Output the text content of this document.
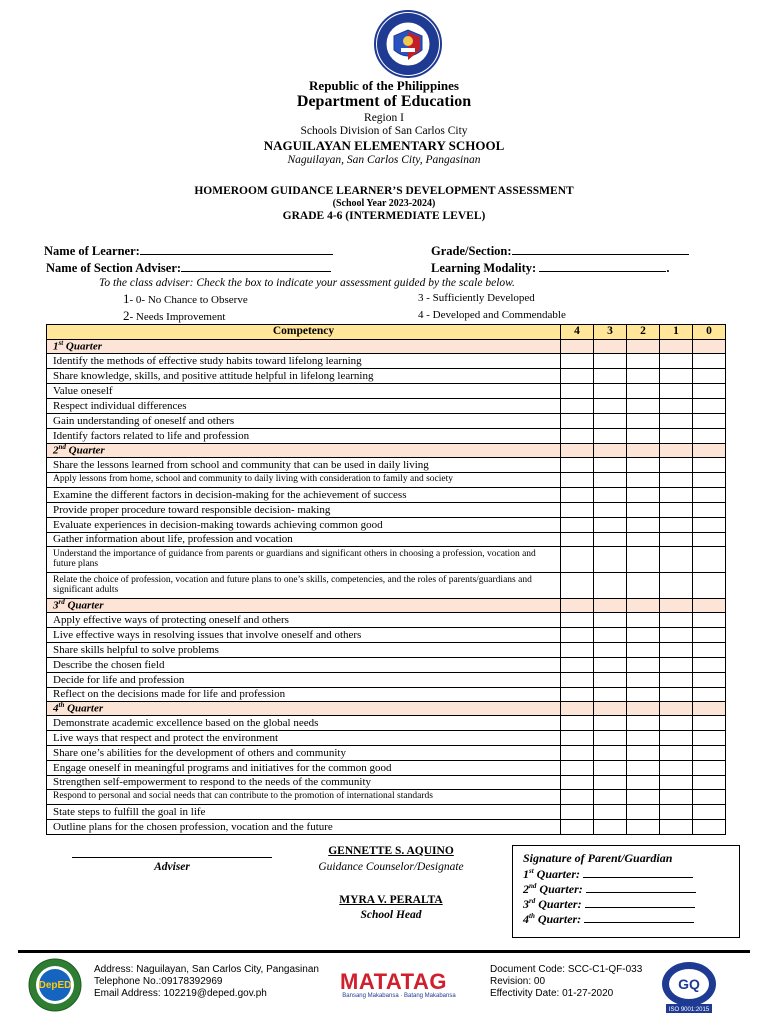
Republic of the Philippines
Department of Education
Region I
Schools Division of San Carlos City
NAGUILAYAN ELEMENTARY SCHOOL
Naguilayan, San Carlos City, Pangasinan
HOMEROOM GUIDANCE LEARNER’S DEVELOPMENT ASSESSMENT
(School Year 2023-2024)
GRADE 4-6 (INTERMEDIATE LEVEL)
Name of Learner:	Grade/Section:
Name of Section Adviser:	Learning Modality:	.
To the class adviser: Check the box to indicate your assessment guided by the scale below.
1- 0- No Chance to Observe
2- Needs Improvement
3 - Sufficiently Developed
4 - Developed and Commendable
Competency	4	3	2	1	0
1st Quarter					
Identify the methods of effective study habits toward lifelong learning					
Share knowledge, skills, and positive attitude helpful in lifelong learning					
Value oneself					
Respect individual differences					
Gain understanding of oneself and others					
Identify factors related to life and profession					
2nd Quarter					
Share the lessons learned from school and community that can be used in daily living					
Apply lessons from home, school and community to daily living with consideration to family and society					
Examine the different factors in decision-making for the achievement of success					
Provide proper procedure toward responsible decision- making					
Evaluate experiences in decision-making towards achieving common good					
Gather information about life, profession and vocation					
Understand the importance of guidance from parents or guardians and significant others in choosing a profession, vocation and future plans					
Relate the choice of profession, vocation and future plans to one’s skills, competencies, and the roles of parents/guardians and significant adults					
3rd Quarter					
Apply effective ways of protecting oneself and others					
Live effective ways in resolving issues that involve oneself and others					
Share skills helpful to solve problems					
Describe the chosen field					
Decide for life and profession					
Reflect on the decisions made for life and profession					
4th Quarter					
Demonstrate academic excellence based on the global needs					
Live ways that respect and protect the environment					
Share one’s abilities for the development of others and community					
Engage oneself in meaningful programs and initiatives for the common good					
Strengthen self-empowerment to respond to the needs of the community					
Respond to personal and social needs that can contribute to the promotion of international standards					
State steps to fulfill the goal in life					
Outline plans for the chosen profession, vocation and the future					
Adviser
GENNETTE S. AQUINO
Guidance Counselor/Designate
MYRA V. PERALTA
School Head
Signature of Parent/Guardian
1st Quarter:
2nd Quarter:
3rd Quarter:
4th Quarter:
DepED
Address: Naguilayan, San Carlos City, Pangasinan
Telephone No.:09178392969
Email Address: 102219@deped.gov.ph	MATATAG
Bansang Makabansa · Batang Makabansa
Document Code: SCC-C1-QF-033
Revision: 00
Effectivity Date: 01-27-2020
GQ
ISO 9001:2015
